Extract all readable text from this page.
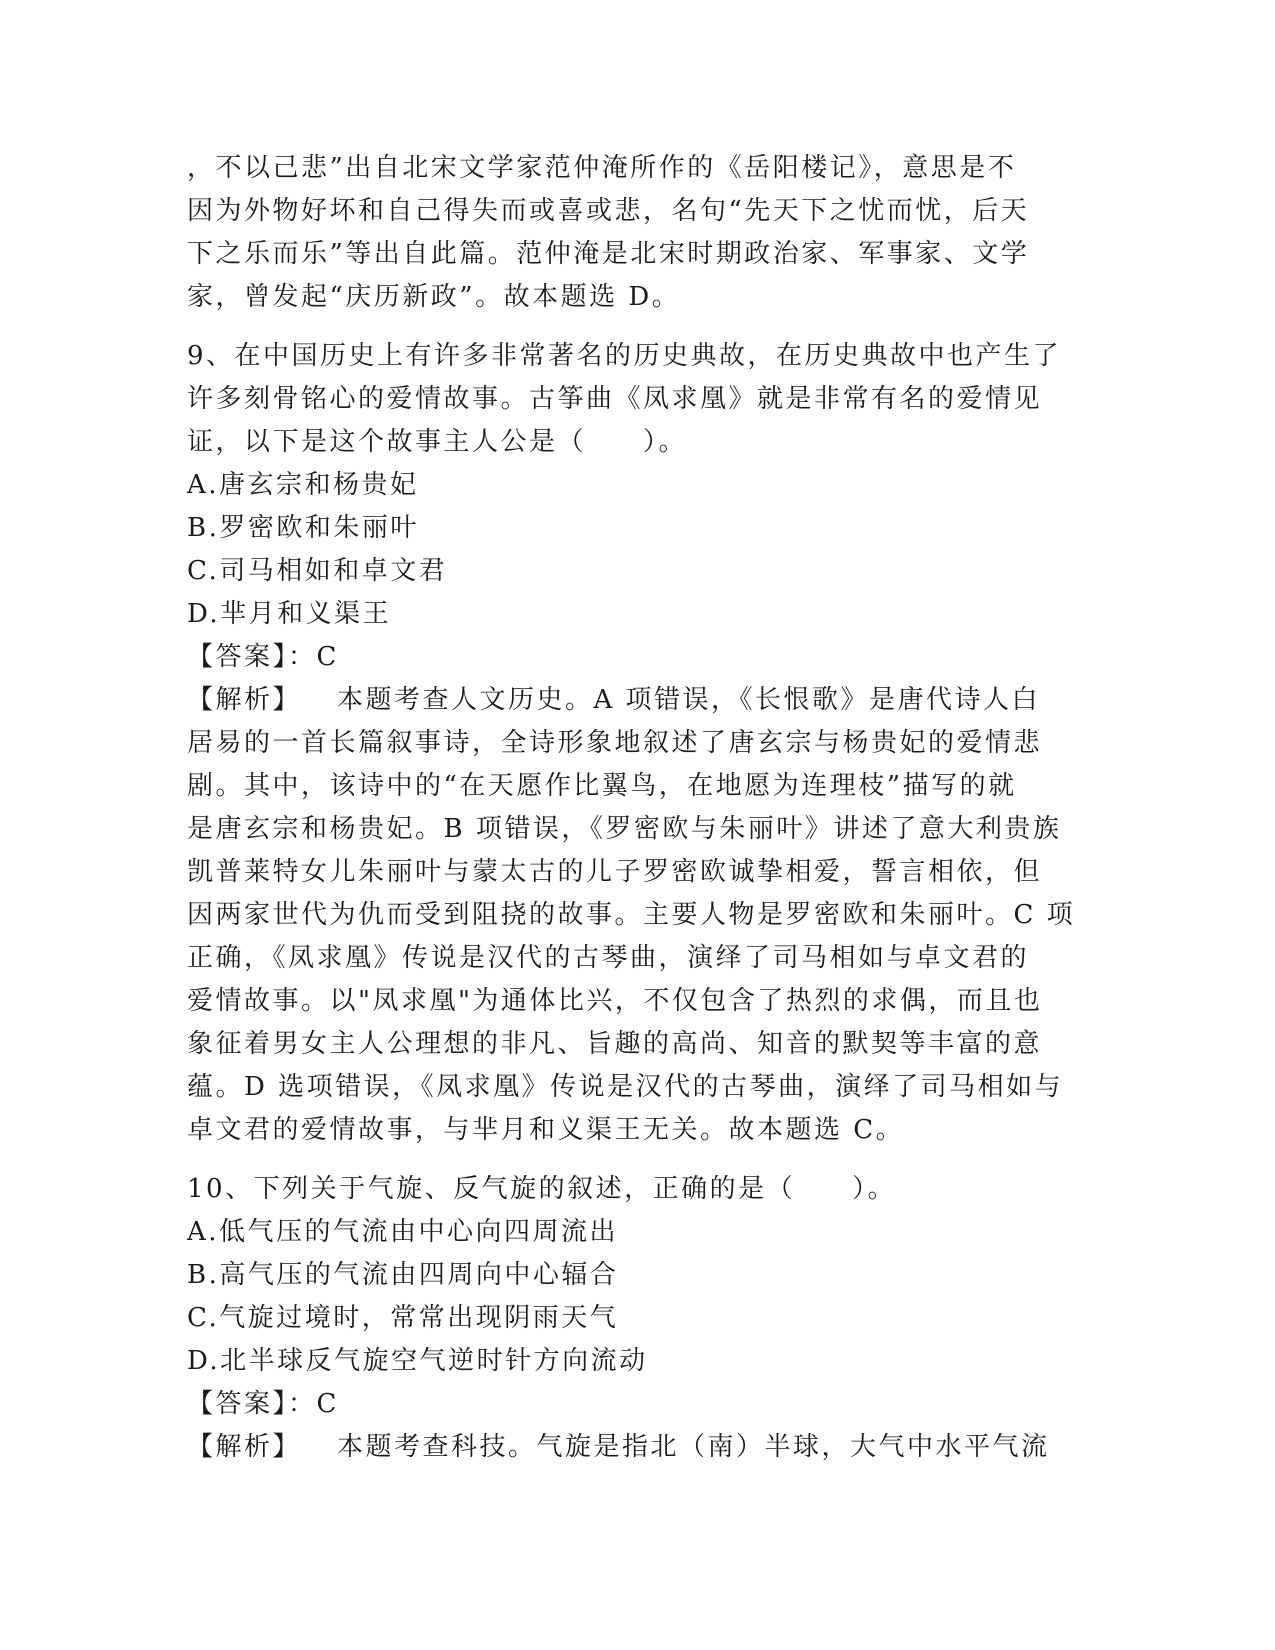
，不以己悲”出自北宋文学家范仲淹所作的《岳阳楼记》，意思是不
因为外物好坏和自己得失而或喜或悲，名句“先天下之忧而忧，后天
下之乐而乐”等出自此篇。范仲淹是北宋时期政治家、军事家、文学
家，曾发起“庆历新政”。故本题选 D。
9、在中国历史上有许多非常著名的历史典故，在历史典故中也产生了
许多刻骨铭心的爱情故事。古筝曲《凤求凰》就是非常有名的爱情见
证，以下是这个故事主人公是（　　）。
A.唐玄宗和杨贵妃
B.罗密欧和朱丽叶
C.司马相如和卓文君
D.芈月和义渠王
【答案】：C
【解析】 本题考查人文历史。A 项错误，《长恨歌》是唐代诗人白
居易的一首长篇叙事诗，全诗形象地叙述了唐玄宗与杨贵妃的爱情悲
剧。其中，该诗中的“在天愿作比翼鸟，在地愿为连理枝”描写的就
是唐玄宗和杨贵妃。B 项错误，《罗密欧与朱丽叶》讲述了意大利贵族
凯普莱特女儿朱丽叶与蒙太古的儿子罗密欧诚挚相爱，誓言相依，但
因两家世代为仇而受到阻挠的故事。主要人物是罗密欧和朱丽叶。C 项
正确，《凤求凰》传说是汉代的古琴曲，演绎了司马相如与卓文君的
爱情故事。以"凤求凰"为通体比兴，不仅包含了热烈的求偶，而且也
象征着男女主人公理想的非凡、旨趣的高尚、知音的默契等丰富的意
蕴。D 选项错误，《凤求凰》传说是汉代的古琴曲，演绎了司马相如与
卓文君的爱情故事，与芈月和义渠王无关。故本题选 C。
10、下列关于气旋、反气旋的叙述，正确的是（　　）。
A.低气压的气流由中心向四周流出
B.高气压的气流由四周向中心辐合
C.气旋过境时，常常出现阴雨天气
D.北半球反气旋空气逆时针方向流动
【答案】：C
【解析】 本题考查科技。气旋是指北（南）半球，大气中水平气流
